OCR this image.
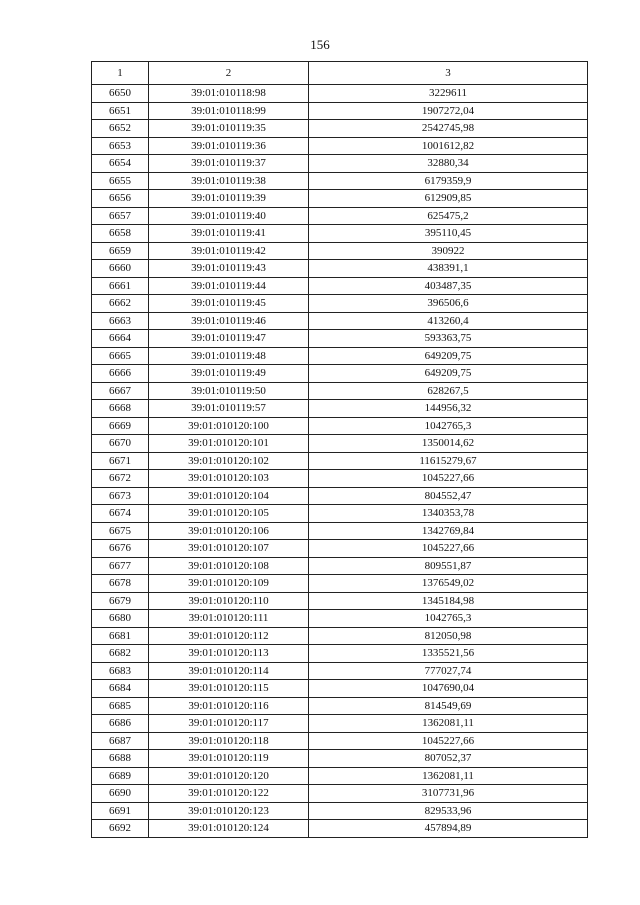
156
1	2	3
6650	39:01:010118:98	3229611
6651	39:01:010118:99	1907272,04
6652	39:01:010119:35	2542745,98
6653	39:01:010119:36	1001612,82
6654	39:01:010119:37	32880,34
6655	39:01:010119:38	6179359,9
6656	39:01:010119:39	612909,85
6657	39:01:010119:40	625475,2
6658	39:01:010119:41	395110,45
6659	39:01:010119:42	390922
6660	39:01:010119:43	438391,1
6661	39:01:010119:44	403487,35
6662	39:01:010119:45	396506,6
6663	39:01:010119:46	413260,4
6664	39:01:010119:47	593363,75
6665	39:01:010119:48	649209,75
6666	39:01:010119:49	649209,75
6667	39:01:010119:50	628267,5
6668	39:01:010119:57	144956,32
6669	39:01:010120:100	1042765,3
6670	39:01:010120:101	1350014,62
6671	39:01:010120:102	11615279,67
6672	39:01:010120:103	1045227,66
6673	39:01:010120:104	804552,47
6674	39:01:010120:105	1340353,78
6675	39:01:010120:106	1342769,84
6676	39:01:010120:107	1045227,66
6677	39:01:010120:108	809551,87
6678	39:01:010120:109	1376549,02
6679	39:01:010120:110	1345184,98
6680	39:01:010120:111	1042765,3
6681	39:01:010120:112	812050,98
6682	39:01:010120:113	1335521,56
6683	39:01:010120:114	777027,74
6684	39:01:010120:115	1047690,04
6685	39:01:010120:116	814549,69
6686	39:01:010120:117	1362081,11
6687	39:01:010120:118	1045227,66
6688	39:01:010120:119	807052,37
6689	39:01:010120:120	1362081,11
6690	39:01:010120:122	3107731,96
6691	39:01:010120:123	829533,96
6692	39:01:010120:124	457894,89
